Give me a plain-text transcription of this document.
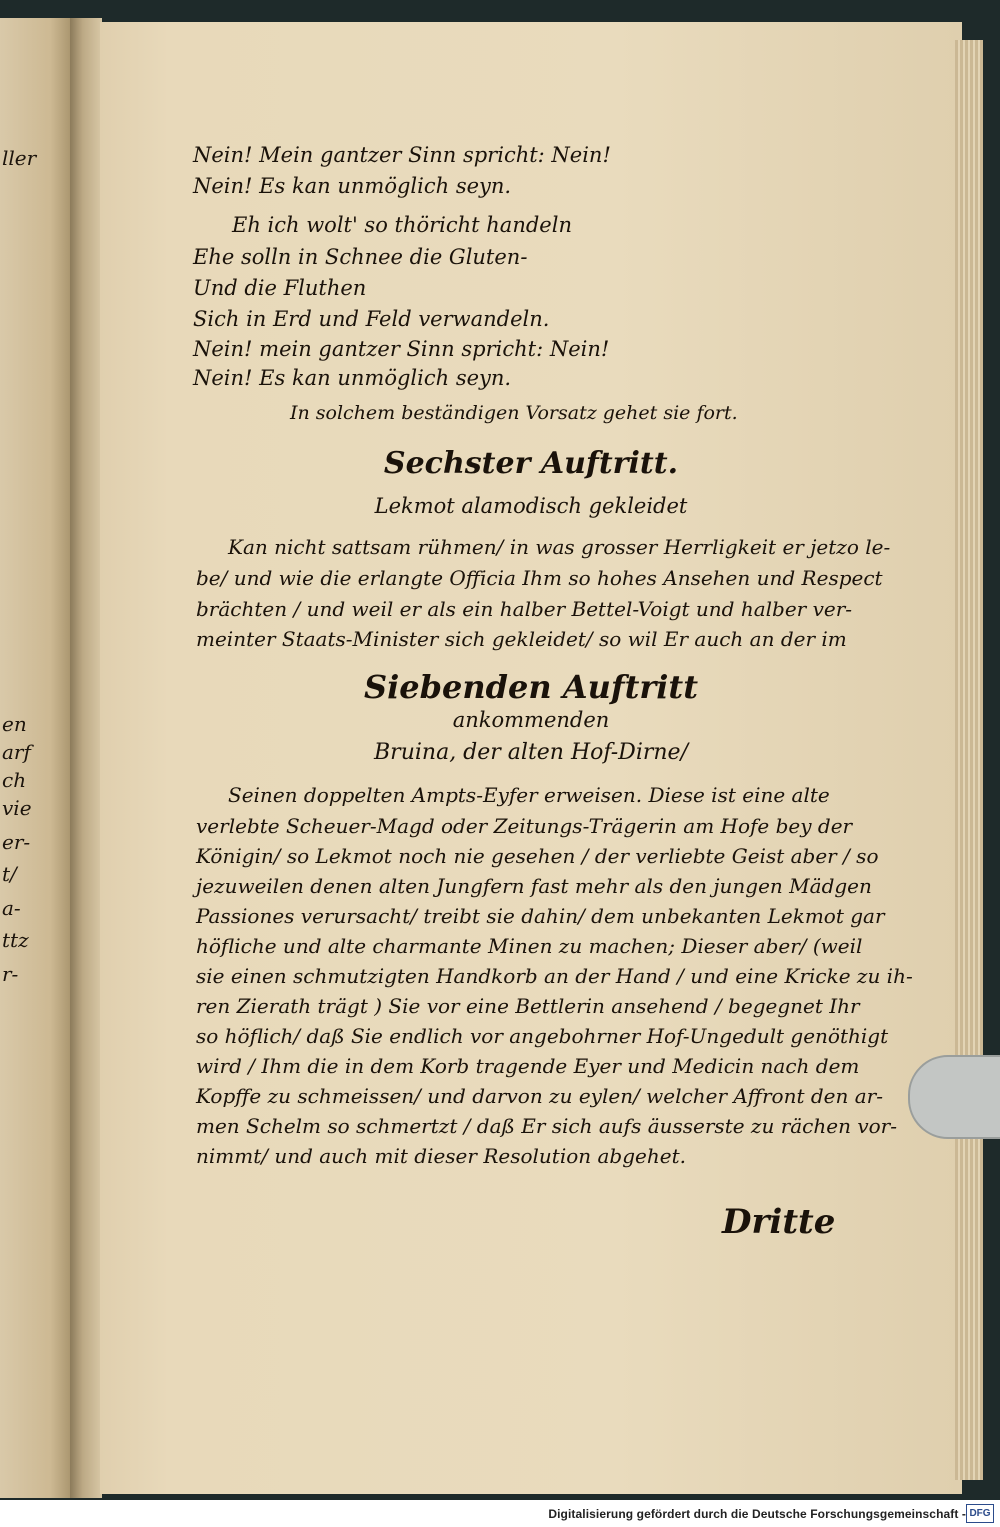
ller
en
arf
ch
vie
er-
t/
a-
ttz
r-
Nein! Mein gantzer Sinn spricht: Nein!
Nein! Es kan unmöglich seyn.
Eh ich wolt' so thöricht handeln
Ehe solln in Schnee die Gluten-
Und die Fluthen
Sich in Erd und Feld verwandeln.
Nein! mein gantzer Sinn spricht: Nein!
Nein! Es kan unmöglich seyn.
In solchem beständigen Vorsatz gehet sie fort.
Sechster Auftritt.
Lekmot alamodisch gekleidet
Kan nicht sattsam rühmen/ in was grosser Herrligkeit er jetzo le-
be/ und wie die erlangte Officia Ihm so hohes Ansehen und Respect
brächten / und weil er als ein halber Bettel-Voigt und halber ver-
meinter Staats-Minister sich gekleidet/ so wil Er auch an der im
Siebenden Auftritt
ankommenden
Bruina, der alten Hof-Dirne/
Seinen doppelten Ampts-Eyfer erweisen. Diese ist eine alte
verlebte Scheuer-Magd oder Zeitungs-Trägerin am Hofe bey der
Königin/ so Lekmot noch nie gesehen / der verliebte Geist aber / so
jezuweilen denen alten Jungfern fast mehr als den jungen Mädgen
Passiones verursacht/ treibt sie dahin/ dem unbekanten Lekmot gar
höfliche und alte charmante Minen zu machen; Dieser aber/ (weil
sie einen schmutzigten Handkorb an der Hand / und eine Kricke zu ih-
ren Zierath trägt ) Sie vor eine Bettlerin ansehend / begegnet Ihr
so höflich/ daß Sie endlich vor angebohrner Hof-Ungedult genöthigt
wird / Ihm die in dem Korb tragende Eyer und Medicin nach dem
Kopffe zu schmeissen/ und darvon zu eylen/ welcher Affront den ar-
men Schelm so schmertzt / daß Er sich aufs äusserste zu rächen vor-
nimmt/ und auch mit dieser Resolution abgehet.
Dritte
Digitalisierung gefördert durch die Deutsche Forschungsgemeinschaft - DFG
